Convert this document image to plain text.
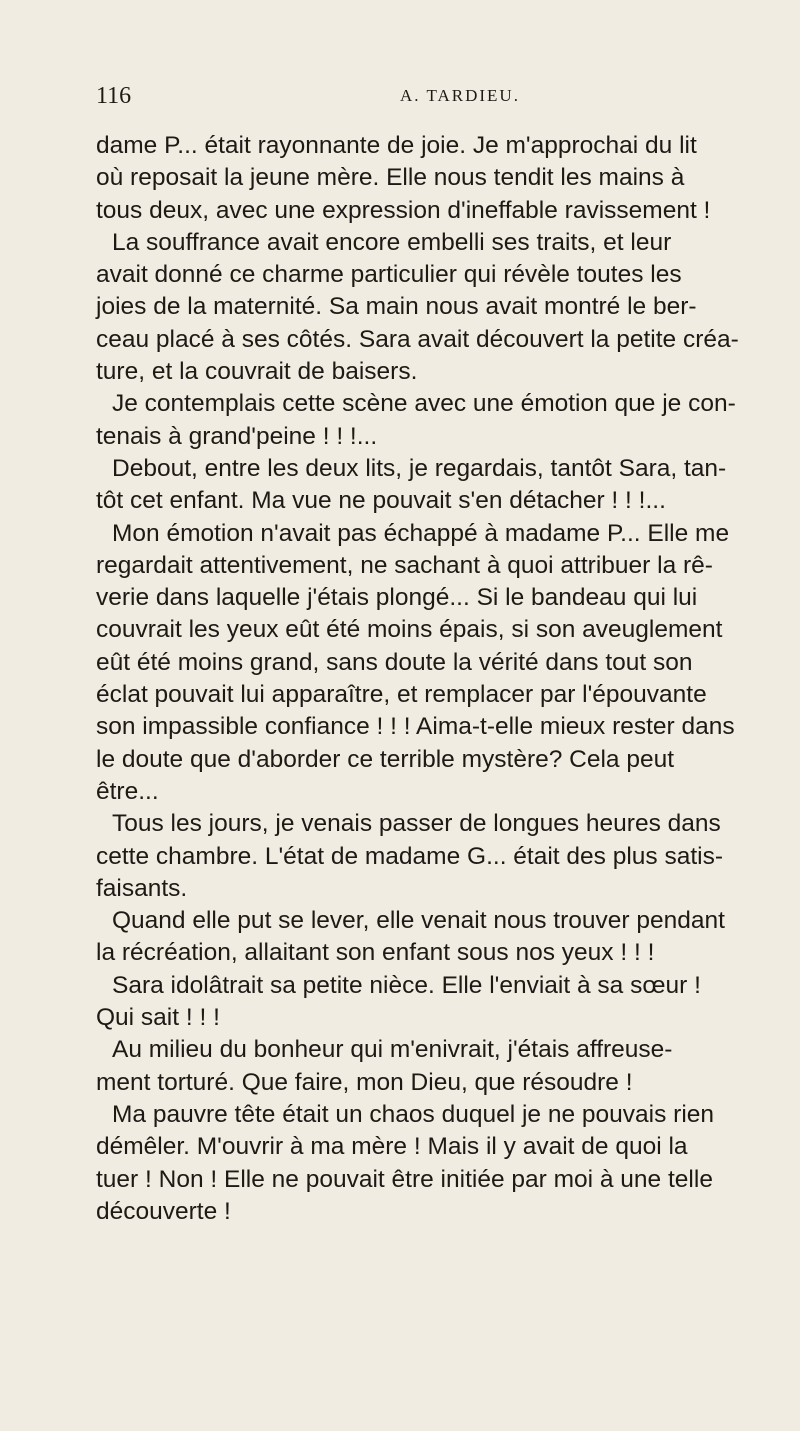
116	A. TARDIEU.
dame P... était rayonnante de joie. Je m'approchai du lit
où reposait la jeune mère. Elle nous tendit les mains à
tous deux, avec une expression d'ineffable ravissement !
La souffrance avait encore embelli ses traits, et leur
avait donné ce charme particulier qui révèle toutes les
joies de la maternité. Sa main nous avait montré le ber-
ceau placé à ses côtés. Sara avait découvert la petite créa-
ture, et la couvrait de baisers.
Je contemplais cette scène avec une émotion que je con-
tenais à grand'peine ! ! !...
Debout, entre les deux lits, je regardais, tantôt Sara, tan-
tôt cet enfant. Ma vue ne pouvait s'en détacher ! ! !...
Mon émotion n'avait pas échappé à madame P... Elle me
regardait attentivement, ne sachant à quoi attribuer la rê-
verie dans laquelle j'étais plongé... Si le bandeau qui lui
couvrait les yeux eût été moins épais, si son aveuglement
eût été moins grand, sans doute la vérité dans tout son
éclat pouvait lui apparaître, et remplacer par l'épouvante
son impassible confiance ! ! ! Aima-t-elle mieux rester dans
le doute que d'aborder ce terrible mystère? Cela peut
être...
Tous les jours, je venais passer de longues heures dans
cette chambre. L'état de madame G... était des plus satis-
faisants.
Quand elle put se lever, elle venait nous trouver pendant
la récréation, allaitant son enfant sous nos yeux ! ! !
Sara idolâtrait sa petite nièce. Elle l'enviait à sa sœur !
Qui sait ! ! !
Au milieu du bonheur qui m'enivrait, j'étais affreuse-
ment torturé. Que faire, mon Dieu, que résoudre !
Ma pauvre tête était un chaos duquel je ne pouvais rien
démêler. M'ouvrir à ma mère ! Mais il y avait de quoi la
tuer ! Non ! Elle ne pouvait être initiée par moi à une telle
découverte !
